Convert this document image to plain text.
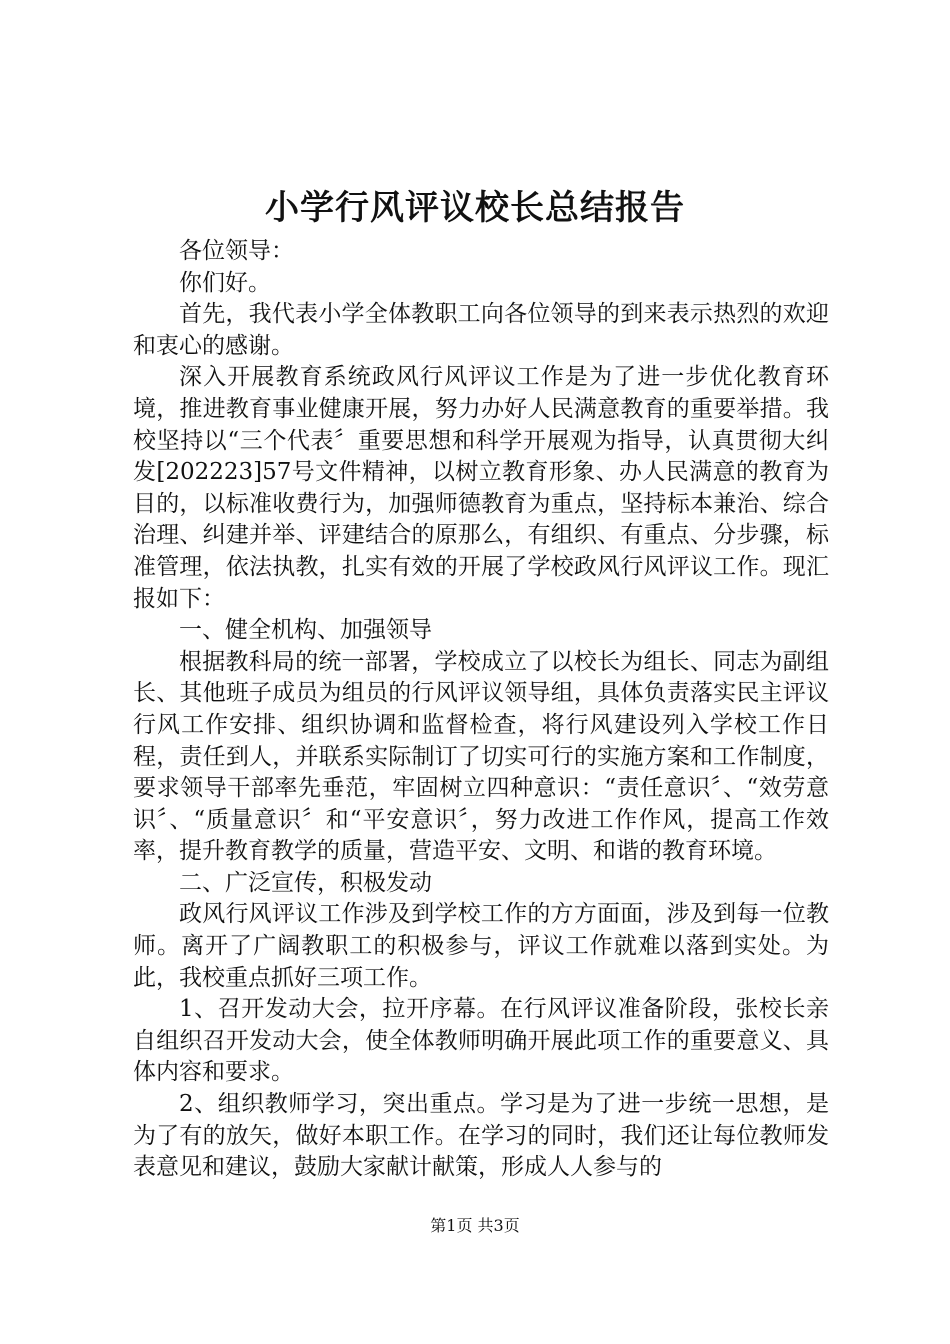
小学行风评议校长总结报告

各位领导：

你们好。

首先，我代表小学全体教职工向各位领导的到来表示热烈的欢迎和衷心的感谢。

深入开展教育系统政风行风评议工作是为了进一步优化教育环境，推进教育事业健康开展，努力办好人民满意教育的重要举措。我校坚持以“三个代表〞重要思想和科学开展观为指导，认真贯彻大纠发[202223]57号文件精神，以树立教育形象、办人民满意的教育为目的，以标准收费行为，加强师德教育为重点，坚持标本兼治、综合治理、纠建并举、评建结合的原那么，有组织、有重点、分步骤，标准管理，依法执教，扎实有效的开展了学校政风行风评议工作。现汇报如下：

一、健全机构、加强领导

根据教科局的统一部署，学校成立了以校长为组长、同志为副组长、其他班子成员为组员的行风评议领导组，具体负责落实民主评议行风工作安排、组织协调和监督检查，将行风建设列入学校工作日程，责任到人，并联系实际制订了切实可行的实施方案和工作制度，要求领导干部率先垂范，牢固树立四种意识：“责任意识〞、“效劳意识〞、“质量意识〞和“平安意识〞，努力改进工作作风，提高工作效率，提升教育教学的质量，营造平安、文明、和谐的教育环境。

二、广泛宣传，积极发动

政风行风评议工作涉及到学校工作的方方面面，涉及到每一位教师。离开了广阔教职工的积极参与，评议工作就难以落到实处。为此，我校重点抓好三项工作。

1、召开发动大会，拉开序幕。在行风评议准备阶段，张校长亲自组织召开发动大会，使全体教师明确开展此项工作的重要意义、具体内容和要求。

2、组织教师学习，突出重点。学习是为了进一步统一思想，是为了有的放矢，做好本职工作。在学习的同时，我们还让每位教师发表意见和建议，鼓励大家献计献策，形成人人参与的

第1页 共3页
